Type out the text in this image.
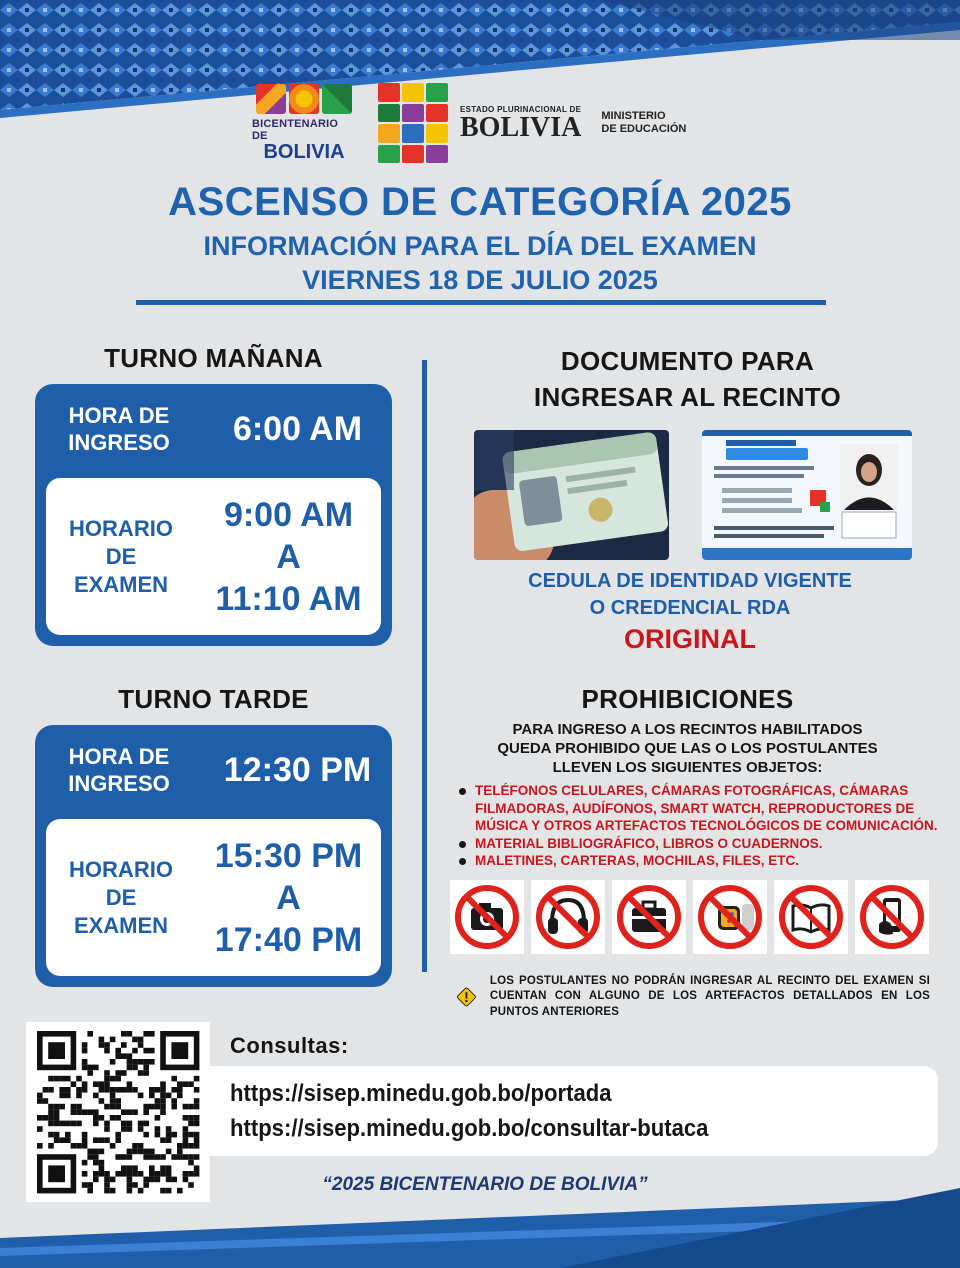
BICENTENARIO DE
BOLIVIA
ESTADO PLURINACIONAL DE
BOLIVIA MINISTERIO
DE EDUCACIÓN
ASCENSO DE CATEGORÍA 2025
INFORMACIÓN PARA EL DÍA DEL EXAMEN
VIERNES 18 DE JULIO 2025
TURNO MAÑANA
HORA DE
INGRESO	6:00 AM
HORARIO
DE
EXAMEN
9:00 AM
A
11:10 AM
TURNO TARDE
HORA DE
INGRESO	12:30 PM
HORARIO
DE
EXAMEN
15:30 PM
A
17:40 PM
DOCUMENTO PARA
INGRESAR AL RECINTO
CEDULA DE IDENTIDAD VIGENTE
O CREDENCIAL RDA
ORIGINAL
PROHIBICIONES
PARA INGRESO A LOS RECINTOS HABILITADOS
QUEDA PROHIBIDO QUE LAS O LOS POSTULANTES
LLEVEN LOS SIGUIENTES OBJETOS:
TELÉFONOS CELULARES, CÁMARAS FOTOGRÁFICAS, CÁMARAS FILMADORAS, AUDÍFONOS, SMART WATCH, REPRODUCTORES DE MÚSICA Y OTROS ARTEFACTOS TECNOLÓGICOS DE COMUNICACIÓN.
MATERIAL BIBLIOGRÁFICO, LIBROS O CUADERNOS.
MALETINES, CARTERAS, MOCHILAS, FILES, ETC.
LOS POSTULANTES NO PODRÁN INGRESAR AL RECINTO DEL EXAMEN SI CUENTAN CON ALGUNO DE LOS ARTEFACTOS DETALLADOS EN LOS PUNTOS ANTERIORES
Consultas:
https://sisep.minedu.gob.bo/portada
https://sisep.minedu.gob.bo/consultar-butaca
“2025 BICENTENARIO DE BOLIVIA”
